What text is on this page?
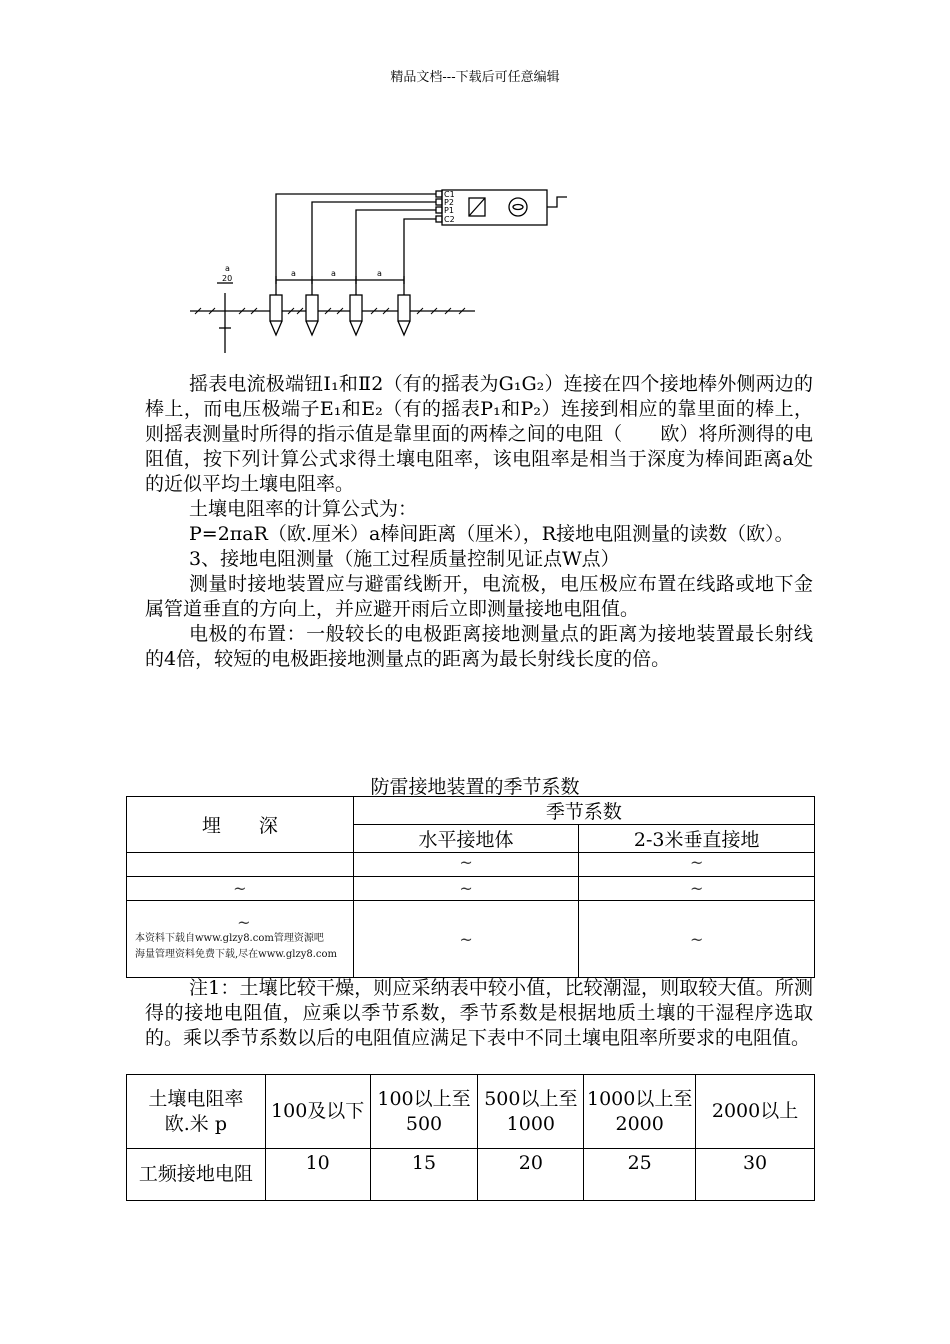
精品文档---下载后可任意编辑
C1
P2
P1
C2
a	a	a
a
20

摇表电流极端钮Ⅰ₁和Ⅱ2（有的摇表为G₁G₂）连接在四个接地棒外侧两边的棒上，而电压极端子E₁和E₂（有的摇表P₁和P₂）连接到相应的靠里面的棒上，则摇表测量时所得的指示值是靠里面的两棒之间的电阻（　　欧）将所测得的电阻值，按下列计算公式求得土壤电阻率，该电阻率是相当于深度为棒间距离a处的近似平均土壤电阻率。

土壤电阻率的计算公式为：

P=2πaR（欧.厘米）a棒间距离（厘米），R接地电阻测量的读数（欧）。

3、接地电阻测量（施工过程质量控制见证点W点）

测量时接地装置应与避雷线断开，电流极，电压极应布置在线路或地下金属管道垂直的方向上，并应避开雨后立即测量接地电阻值。

电极的布置：一般较长的电极距离接地测量点的距离为接地装置最长射线的4倍，较短的电极距接地测量点的距离为最长射线长度的倍。

防雷接地装置的季节系数
埋　　深	季节系数	
	水平接地体	2-3米垂直接地
	~	~
~	~	~

~
本资料下载自www.glzy8.com管理资源吧
海量管理资料免费下载,尽在www.glzy8.com	~	~

注1：土壤比较干燥，则应采纳表中较小值，比较潮湿，则取较大值。所测得的接地电阻值，应乘以季节系数，季节系数是根据地质土壤的干湿程序选取的。乘以季节系数以后的电阻值应满足下表中不同土壤电阻率所要求的电阻值。

土壤电阻率
欧.米 p	100及以下	100以上至500	500以上至1000	1000以上至2000	2000以上
工频接地电阻	10	15	20	25	30
